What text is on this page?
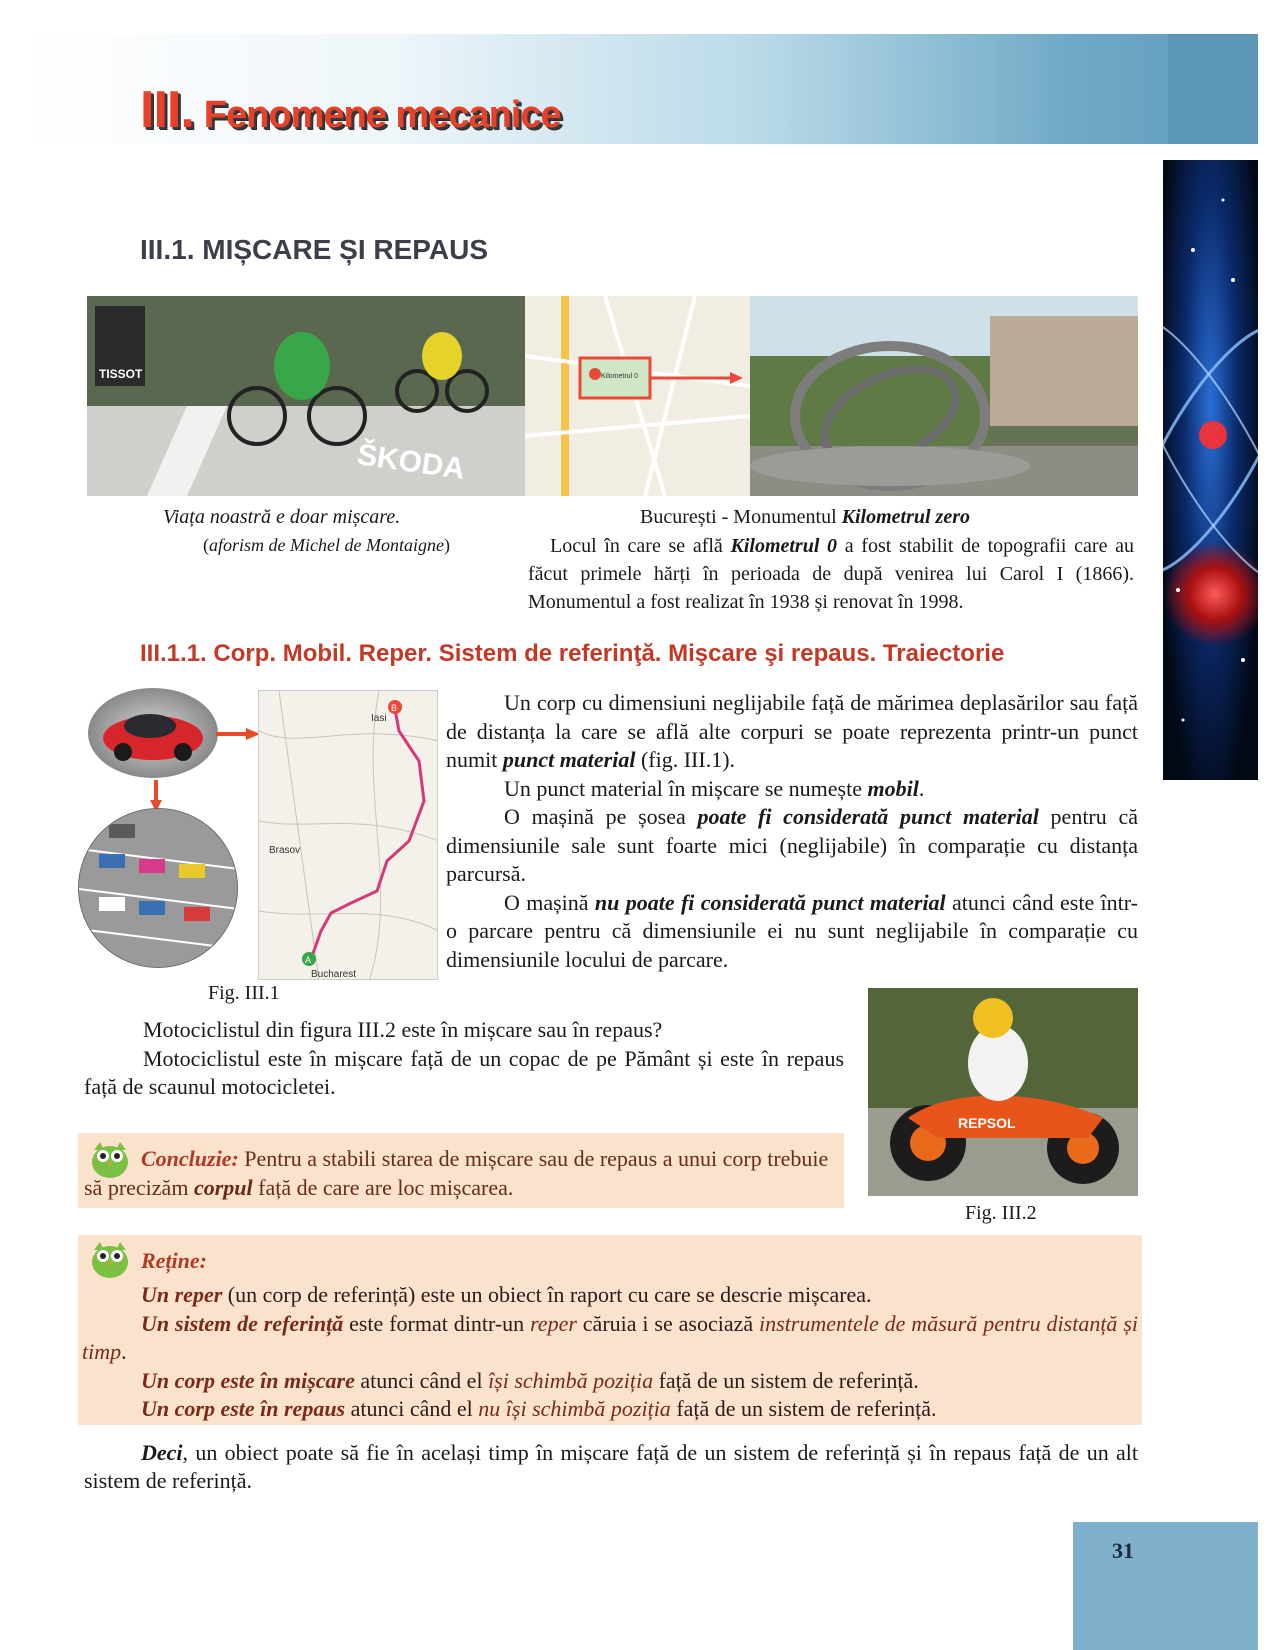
III. Fenomene mecanice
III.1. MIȘCARE ȘI REPAUS
TISSOT
ŠKODA
Kilometrul 0
Viața noastră e doar mișcare.
(aforism de Michel de Montaigne)
București - Monumentul Kilometrul zero
Locul în care se află Kilometrul 0 a fost stabilit de topografii care au făcut primele hărți în perioada de după venirea lui Carol I (1866). Monumentul a fost realizat în 1938 și renovat în 1998.
III.1.1. Corp. Mobil. Reper. Sistem de referinţă. Mişcare şi repaus. Traiectorie
B
A
Iasi
Brasov
Bucharest
Fig. III.1

Un corp cu dimensiuni neglijabile față de mărimea deplasărilor sau față de distanța la care se află alte corpuri se poate reprezenta printr-un punct numit punct material (fig. III.1).

Un punct material în mișcare se numește mobil.

O mașină pe șosea poate fi considerată punct material pentru că dimensiunile sale sunt foarte mici (neglijabile) în comparație cu distanța parcursă.

O mașină nu poate fi considerată punct material atunci când este într-o parcare pentru că dimensiunile ei nu sunt neglijabile în comparație cu dimensiunile locului de parcare.

Motociclistul din figura III.2 este în mișcare sau în repaus?
Motociclistul este în mișcare față de un copac de pe Pământ și este în repaus față de scaunul motocicletei.
REPSOL
Fig. III.2
Concluzie: Pentru a stabili starea de mișcare sau de repaus a unui corp trebuie să precizăm corpul față de care are loc mișcarea.
Reține:

Un reper (un corp de referință) este un obiect în raport cu care se descrie mișcarea.

Un sistem de referință este format dintr-un reper căruia i se asociază instrumentele de măsură pentru distanță și timp.

Un corp este în mișcare atunci când el își schimbă poziția față de un sistem de referință.

Un corp este în repaus atunci când el nu își schimbă poziția față de un sistem de referință.

Deci, un obiect poate să fie în același timp în mișcare față de un sistem de referință și în repaus față de un alt sistem de referință.
31
